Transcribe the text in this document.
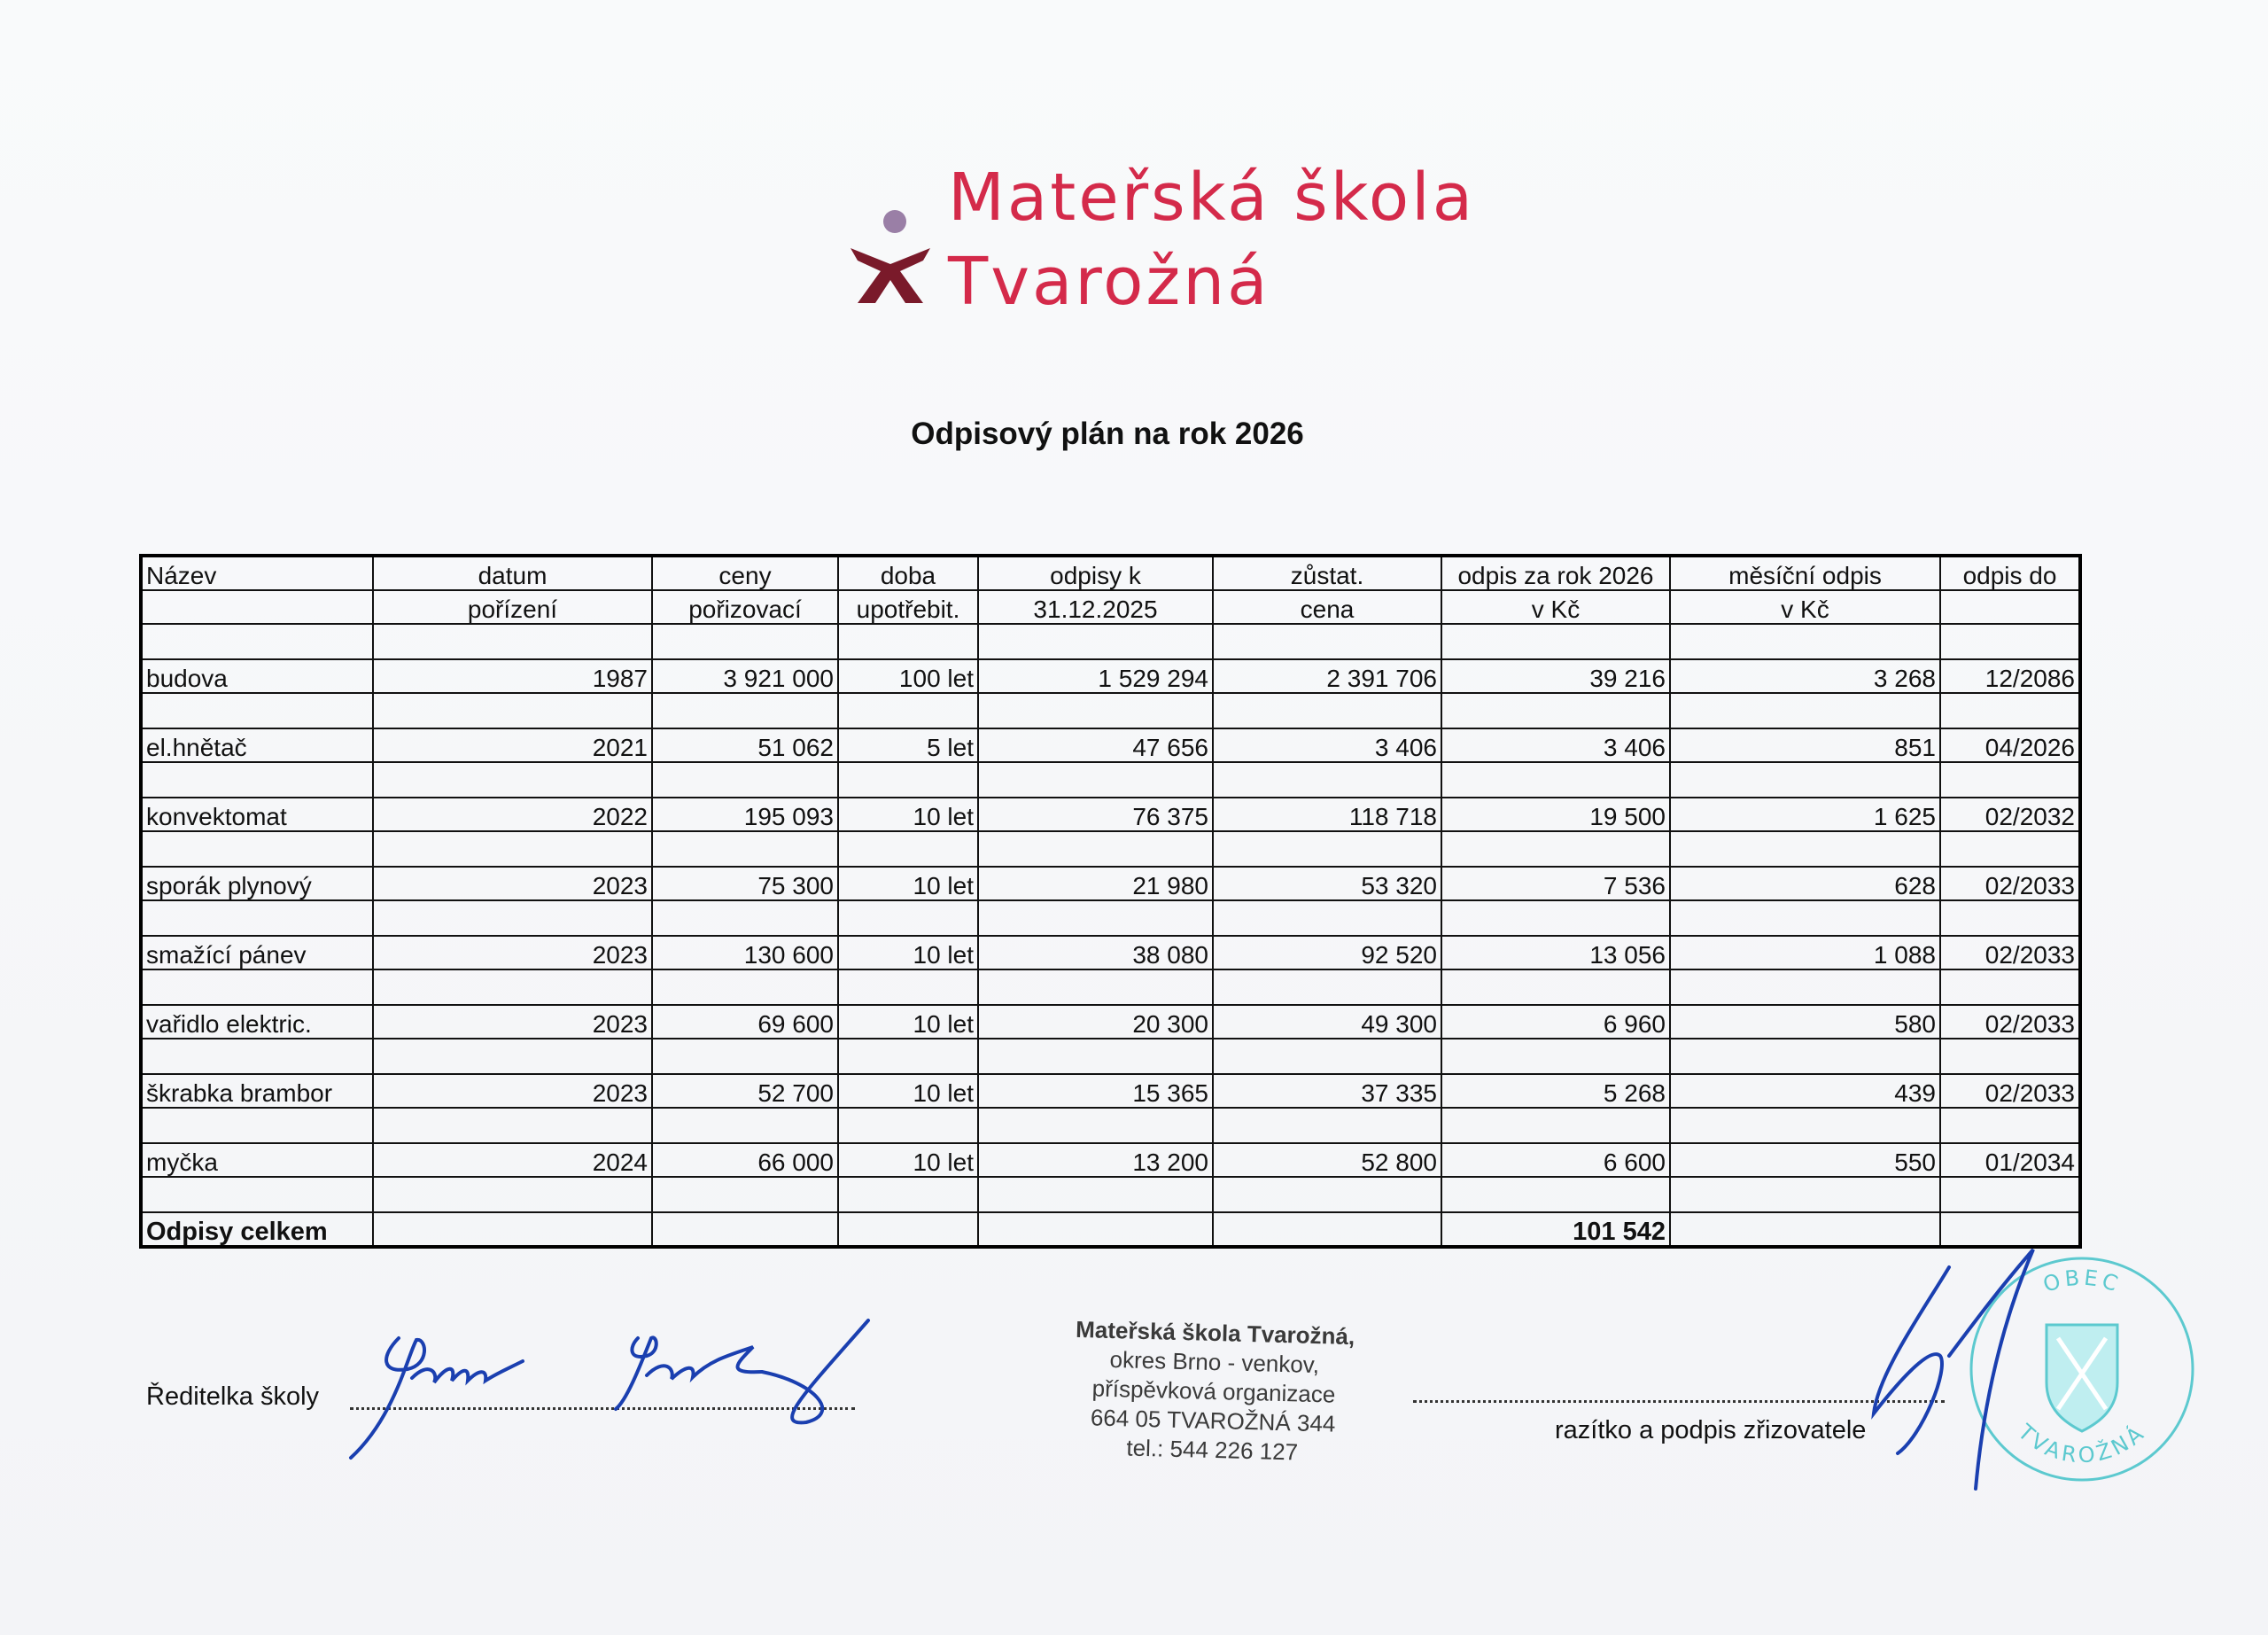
Mateřská škola
Tvarožná
Odpisový plán na rok 2026
Název	datum	ceny	doba	odpisy k	zůstat.	odpis za rok 2026	měsíční odpis	odpis do
	pořízení	pořizovací	upotřebit.	31.12.2025	cena	v Kč	v Kč	

budova	1987	3 921 000	100 let	1 529 294	2 391 706	39 216	3 268	12/2086

el.hnětač	2021	51 062	5 let	47 656	3 406	3 406	851	04/2026

konvektomat	2022	195 093	10 let	76 375	118 718	19 500	1 625	02/2032

sporák plynový	2023	75 300	10 let	21 980	53 320	7 536	628	02/2033

smažící pánev	2023	130 600	10 let	38 080	92 520	13 056	1 088	02/2033

vařidlo elektric.	2023	69 600	10 let	20 300	49 300	6 960	580	02/2033

škrabka brambor	2023	52 700	10 let	15 365	37 335	5 268	439	02/2033

myčka	2024	66 000	10 let	13 200	52 800	6 600	550	01/2034

Odpisy celkem						101 542		
Ředitelka školy
Mateřská škola Tvarožná,
okres Brno - venkov,
příspěvková organizace
664 05 TVAROŽNÁ 344
tel.: 544 226 127
razítko a podpis zřizovatele
OBEC
TVAROŽNÁ
